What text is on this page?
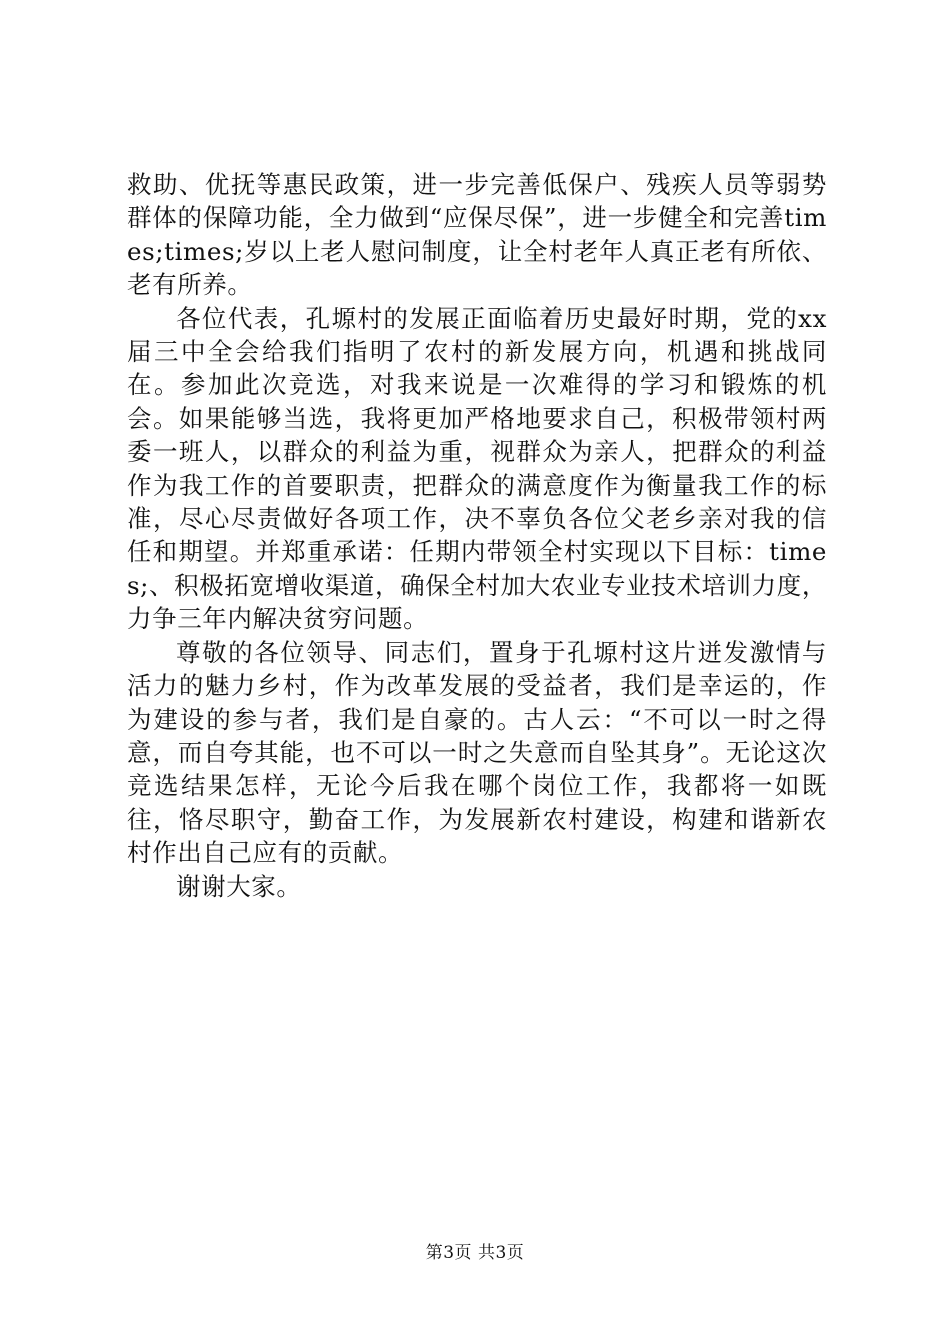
救助、优抚等惠民政策，进一步完善低保户、残疾人员等弱势群体的保障功能，全力做到“应保尽保”，进一步健全和完善times;times;岁以上老人慰问制度，让全村老年人真正老有所依、老有所养。

各位代表，孔塬村的发展正面临着历史最好时期，党的xx届三中全会给我们指明了农村的新发展方向，机遇和挑战同在。参加此次竞选，对我来说是一次难得的学习和锻炼的机会。如果能够当选，我将更加严格地要求自己，积极带领村两委一班人，以群众的利益为重，视群众为亲人，把群众的利益作为我工作的首要职责，把群众的满意度作为衡量我工作的标准，尽心尽责做好各项工作，决不辜负各位父老乡亲对我的信任和期望。并郑重承诺：任期内带领全村实现以下目标：times;、积极拓宽增收渠道，确保全村加大农业专业技术培训力度，力争三年内解决贫穷问题。

尊敬的各位领导、同志们，置身于孔塬村这片迸发激情与活力的魅力乡村，作为改革发展的受益者，我们是幸运的，作为建设的参与者，我们是自豪的。古人云：“不可以一时之得意，而自夸其能，也不可以一时之失意而自坠其身”。无论这次竞选结果怎样，无论今后我在哪个岗位工作，我都将一如既往，恪尽职守，勤奋工作，为发展新农村建设，构建和谐新农村作出自己应有的贡献。

谢谢大家。

第3页 共3页
